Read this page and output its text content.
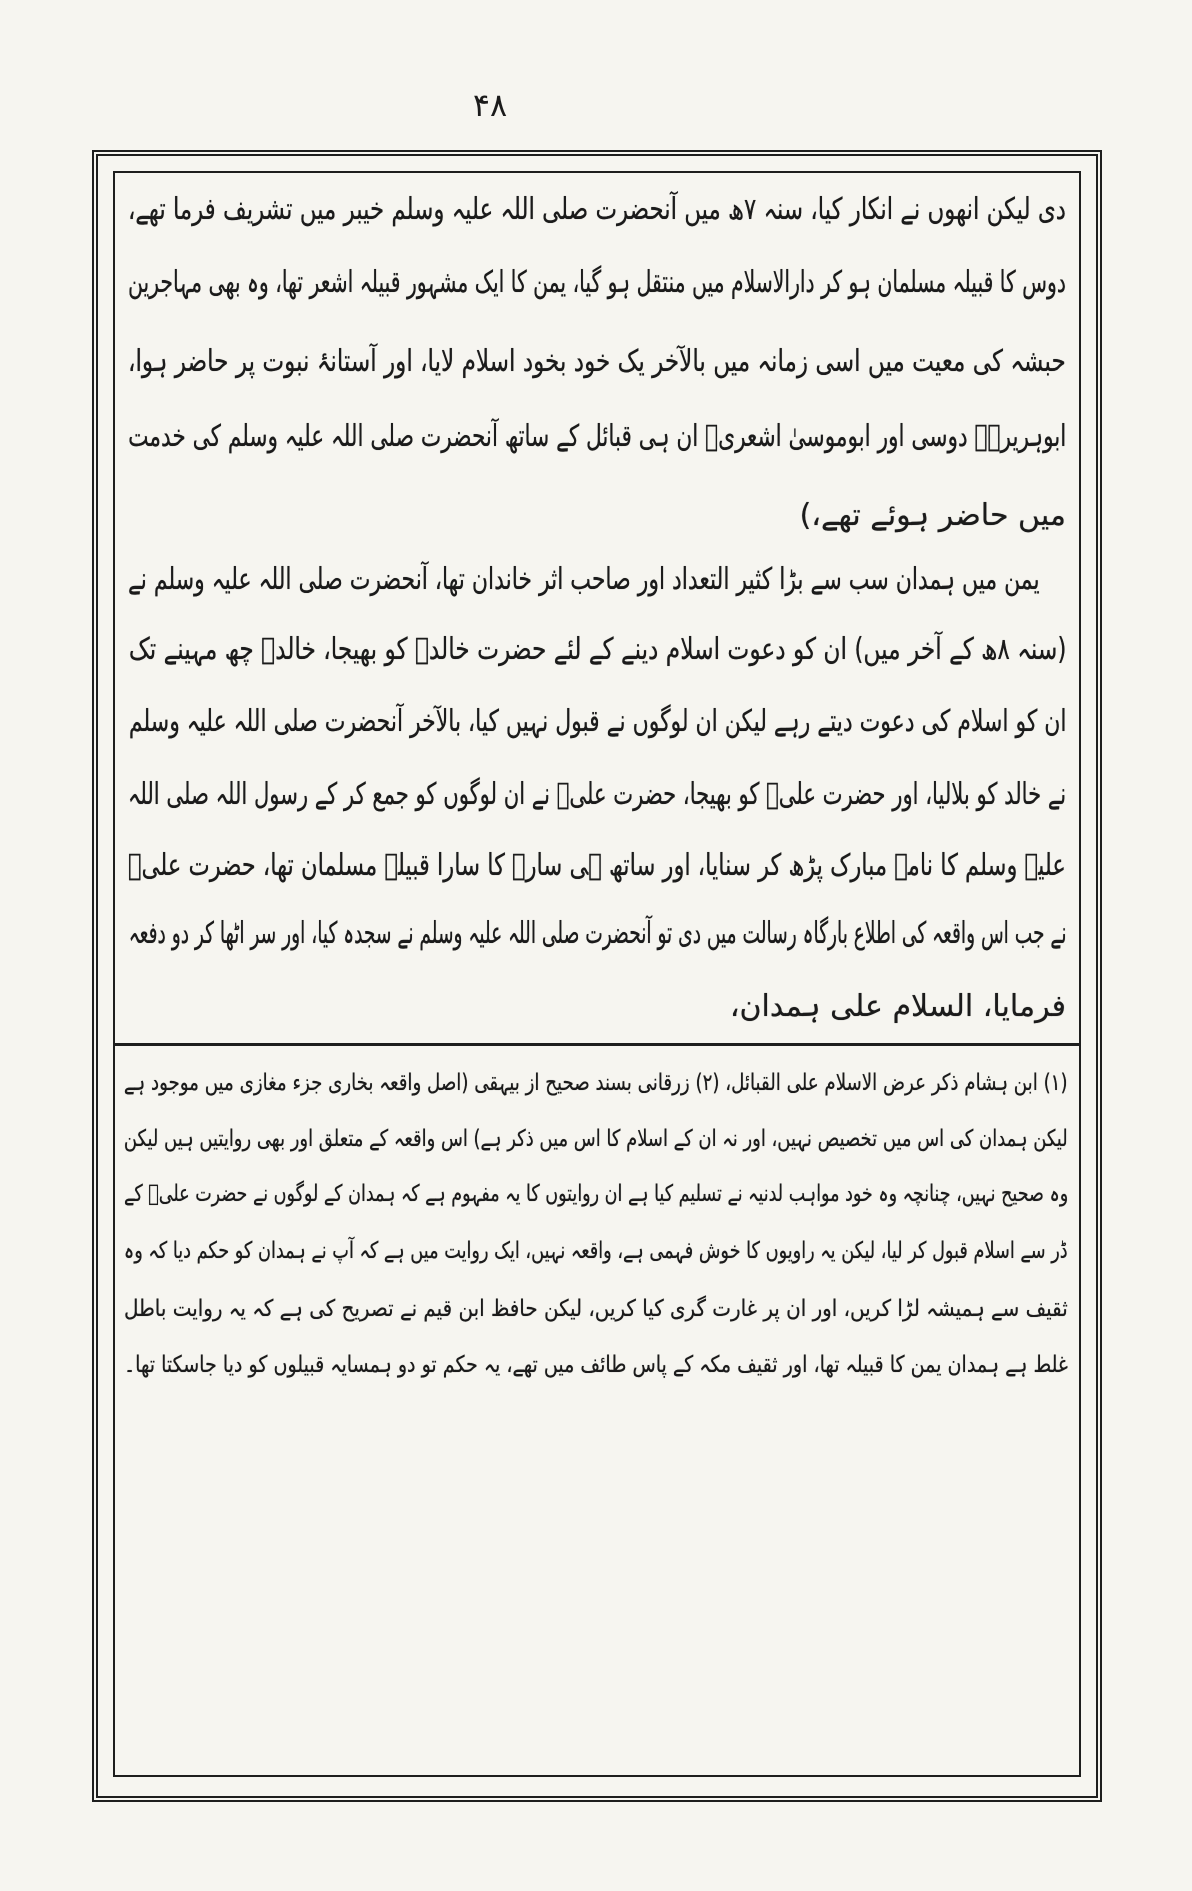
۴۸
دی لیکن انھوں نے انکار کیا، سنہ ۷ھ میں آنحضرت صلی اللہ علیہ وسلم خیبر میں تشریف فرما تھے،
دوس کا قبیلہ مسلمان ہو کر دارالاسلام میں منتقل ہو گیا، یمن کا ایک مشہور قبیلہ اشعر تھا، وہ بھی مہاجرین
حبشہ کی معیت میں اسی زمانہ میں بالآخر یک خود بخود اسلام لایا، اور آستانۂ نبوت پر حاضر ہوا،
ابوہریرہؓ دوسی اور ابوموسیٰ اشعریؓ ان ہی قبائل کے ساتھ آنحضرت صلی اللہ علیہ وسلم کی خدمت
میں حاضر ہوئے تھے،)
یمن میں ہمدان سب سے بڑا کثیر التعداد اور صاحب اثر خاندان تھا، آنحضرت صلی اللہ علیہ وسلم نے
(سنہ ۸ھ کے آخر میں) ان کو دعوت اسلام دینے کے لئے حضرت خالدؓ کو بھیجا، خالدؓ چھ مہینے تک
ان کو اسلام کی دعوت دیتے رہے لیکن ان لوگوں نے قبول نہیں کیا، بالآخر آنحضرت صلی اللہ علیہ وسلم
نے خالد کو بلالیا، اور حضرت علیؓ کو بھیجا، حضرت علیؓ نے ان لوگوں کو جمع کر کے رسول اللہ صلی اللہ
علیہ وسلم کا نامۂ مبارک پڑھ کر سنایا، اور ساتھ ہی سارے کا سارا قبیلہ مسلمان تھا، حضرت علیؓ
نے جب اس واقعہ کی اطلاع بارگاہ رسالت میں دی تو آنحضرت صلی اللہ علیہ وسلم نے سجدہ کیا، اور سر اٹھا کر دو دفعہ
فرمایا، السلام علی ہمدان،
(۱) ابن ہشام ذکر عرض الاسلام علی القبائل، (۲) زرقانی بسند صحیح از بیہقی (اصل واقعہ بخاری جزء مغازی میں موجود ہے
لیکن ہمدان کی اس میں تخصیص نہیں، اور نہ ان کے اسلام کا اس میں ذکر ہے) اس واقعہ کے متعلق اور بھی روایتیں ہیں لیکن
وہ صحیح نہیں، چنانچہ وہ خود مواہب لدنیہ نے تسلیم کیا ہے ان روایتوں کا یہ مفہوم ہے کہ ہمدان کے لوگوں نے حضرت علیؓ کے
ڈر سے اسلام قبول کر لیا، لیکن یہ راویوں کا خوش فہمی ہے، واقعہ نہیں، ایک روایت میں ہے کہ آپ نے ہمدان کو حکم دیا کہ وہ
ثقیف سے ہمیشہ لڑا کریں، اور ان پر غارت گری کیا کریں، لیکن حافظ ابن قیم نے تصریح کی ہے کہ یہ روایت باطل
غلط ہے ہمدان یمن کا قبیلہ تھا، اور ثقیف مکہ کے پاس طائف میں تھے، یہ حکم تو دو ہمسایہ قبیلوں کو دیا جاسکتا تھا۔
